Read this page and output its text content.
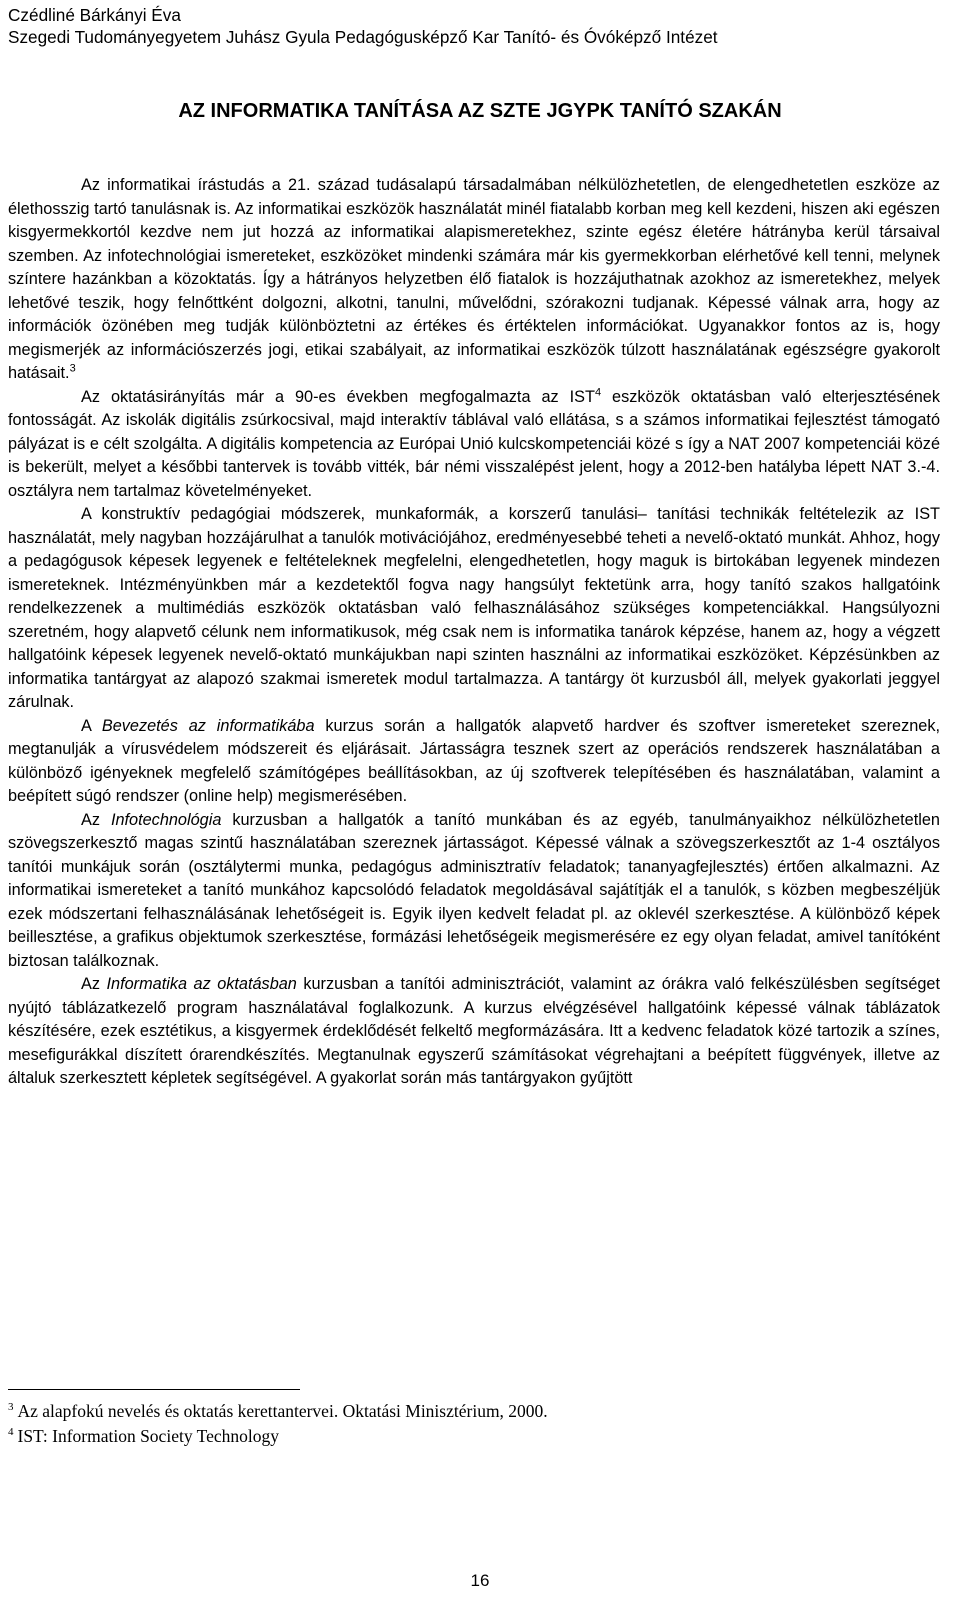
Czédliné Bárkányi Éva
Szegedi Tudományegyetem Juhász Gyula Pedagógusképző Kar Tanító- és Óvóképző Intézet
AZ INFORMATIKA TANÍTÁSA AZ SZTE JGYPK TANÍTÓ SZAKÁN

Az informatikai írástudás a 21. század tudásalapú társadalmában nélkülözhetetlen, de elengedhetetlen eszköze az élethosszig tartó tanulásnak is. Az informatikai eszközök használatát minél fiatalabb korban meg kell kezdeni, hiszen aki egészen kisgyermekkortól kezdve nem jut hozzá az informatikai alapismeretekhez, szinte egész életére hátrányba kerül társaival szemben. Az infotechnológiai ismereteket, eszközöket mindenki számára már kis gyermekkorban elérhetővé kell tenni, melynek színtere hazánkban a közoktatás. Így a hátrányos helyzetben élő fiatalok is hozzájuthatnak azokhoz az ismeretekhez, melyek lehetővé teszik, hogy felnőttként dolgozni, alkotni, tanulni, művelődni, szórakozni tudjanak. Képessé válnak arra, hogy az információk özönében meg tudják különböztetni az értékes és értéktelen információkat. Ugyanakkor fontos az is, hogy megismerjék az információszerzés jogi, etikai szabályait, az informatikai eszközök túlzott használatának egészségre gyakorolt hatásait.$^3$

Az oktatásirányítás már a 90-es években megfogalmazta az IST$^4$ eszközök oktatásban való elterjesztésének fontosságát. Az iskolák digitális zsúrkocsival, majd interaktív táblával való ellátása, s a számos informatikai fejlesztést támogató pályázat is e célt szolgálta. A digitális kompetencia az Európai Unió kulcskompetenciái közé s így a NAT 2007 kompetenciái közé is bekerült, melyet a későbbi tantervek is tovább vitték, bár némi visszalépést jelent, hogy a 2012-ben hatályba lépett NAT 3.-4. osztályra nem tartalmaz követelményeket.

A konstruktív pedagógiai módszerek, munkaformák, a korszerű tanulási– tanítási technikák feltételezik az IST használatát, mely nagyban hozzájárulhat a tanulók motivációjához, eredményesebbé teheti a nevelő-oktató munkát. Ahhoz, hogy a pedagógusok képesek legyenek e feltételeknek megfelelni, elengedhetetlen, hogy maguk is birtokában legyenek mindezen ismereteknek. Intézményünkben már a kezdetektől fogva nagy hangsúlyt fektetünk arra, hogy tanító szakos hallgatóink rendelkezzenek a multimédiás eszközök oktatásban való felhasználásához szükséges kompetenciákkal. Hangsúlyozni szeretném, hogy alapvető célunk nem informatikusok, még csak nem is informatika tanárok képzése, hanem az, hogy a végzett hallgatóink képesek legyenek nevelő-oktató munkájukban napi szinten használni az informatikai eszközöket. Képzésünkben az informatika tantárgyat az alapozó szakmai ismeretek modul tartalmazza. A tantárgy öt kurzusból áll, melyek gyakorlati jeggyel zárulnak.

A Bevezetés az informatikába kurzus során a hallgatók alapvető hardver és szoftver ismereteket szereznek, megtanulják a vírusvédelem módszereit és eljárásait. Jártasságra tesznek szert az operációs rendszerek használatában a különböző igényeknek megfelelő számítógépes beállításokban, az új szoftverek telepítésében és használatában, valamint a beépített súgó rendszer (online help) megismerésében.

Az Infotechnológia kurzusban a hallgatók a tanító munkában és az egyéb, tanulmányaikhoz nélkülözhetetlen szövegszerkesztő magas szintű használatában szereznek jártasságot. Képessé válnak a szövegszerkesztőt az 1-4 osztályos tanítói munkájuk során (osztálytermi munka, pedagógus adminisztratív feladatok; tananyagfejlesztés) értően alkalmazni. Az informatikai ismereteket a tanító munkához kapcsolódó feladatok megoldásával sajátítják el a tanulók, s közben megbeszéljük ezek módszertani felhasználásának lehetőségeit is. Egyik ilyen kedvelt feladat pl. az oklevél szerkesztése. A különböző képek beillesztése, a grafikus objektumok szerkesztése, formázási lehetőségeik megismerésére ez egy olyan feladat, amivel tanítóként biztosan találkoznak.

Az Informatika az oktatásban kurzusban a tanítói adminisztrációt, valamint az órákra való felkészülésben segítséget nyújtó táblázatkezelő program használatával foglalkozunk. A kurzus elvégzésével hallgatóink képessé válnak táblázatok készítésére, ezek esztétikus, a kisgyermek érdeklődését felkeltő megformázására. Itt a kedvenc feladatok közé tartozik a színes, mesefigurákkal díszített órarendkészítés. Megtanulnak egyszerű számításokat végrehajtani a beépített függvények, illetve az általuk szerkesztett képletek segítségével. A gyakorlat során más tantárgyakon gyűjtött

$^3$ Az alapfokú nevelés és oktatás kerettantervei. Oktatási Minisztérium, 2000.
$^4$ IST: Information Society Technology
16
